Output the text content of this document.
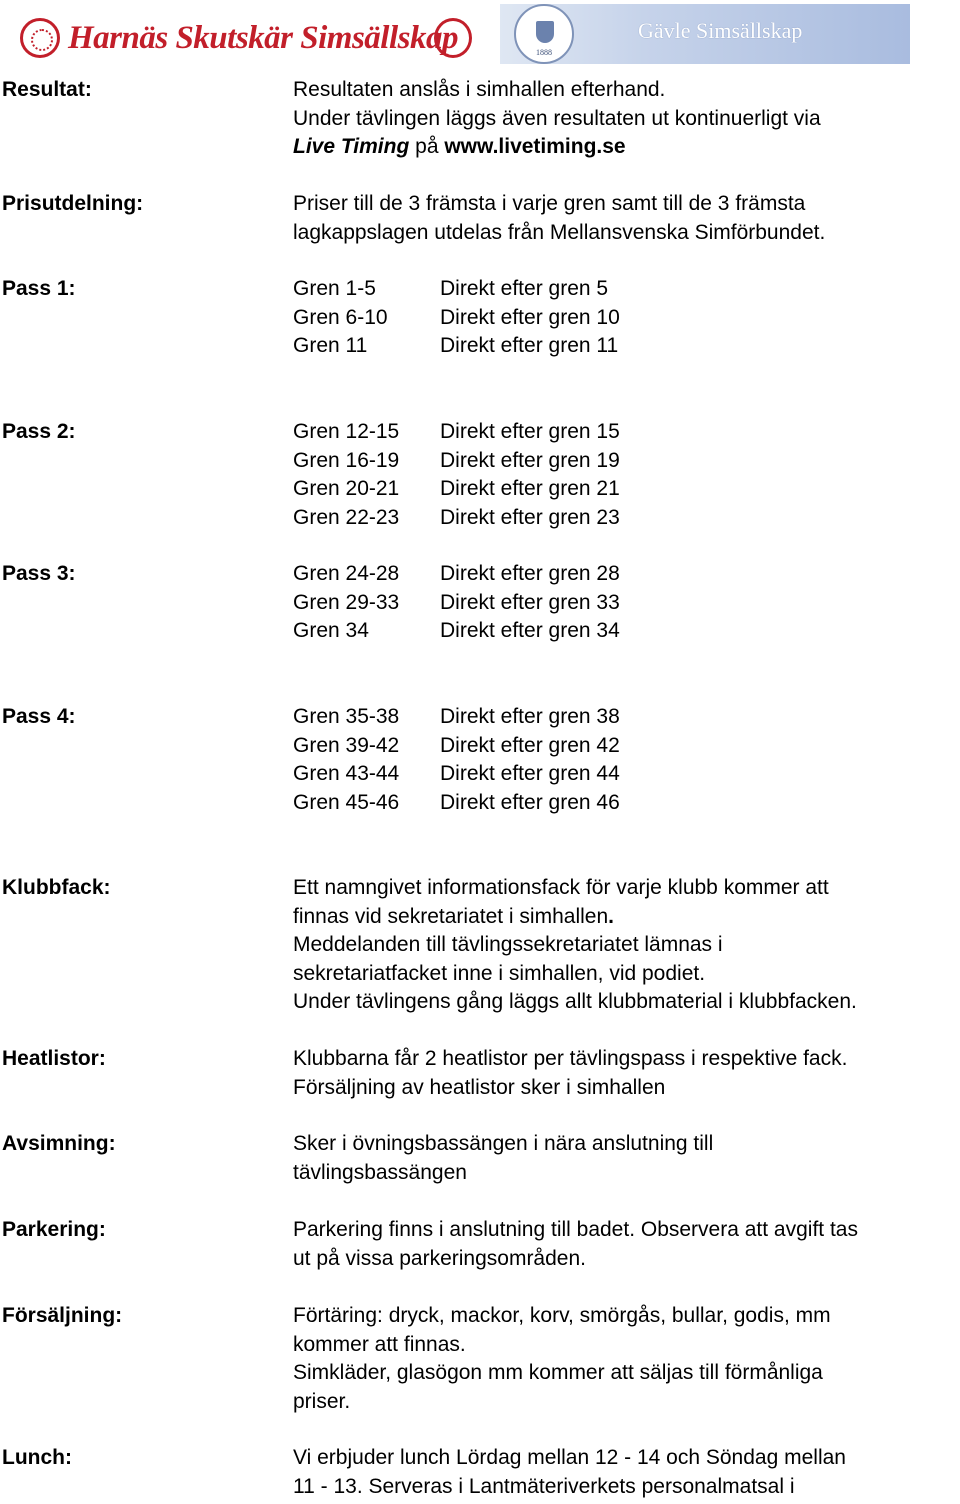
Harnäs Skutskär Simsällskap	1888
Gävle Simsällskap
Resultat:	Resultaten anslås i simhallen efterhand.
Under tävlingen läggs även resultaten ut kontinuerligt via
Live Timing på www.livetiming.se
Prisutdelning:	Priser till de 3 främsta i varje gren samt till de 3 främsta
lagkappslagen utdelas från Mellansvenska Simförbundet.
Pass 1:	Gren 1-5	Direkt efter gren 5
Gren 6-10 Direkt efter gren 10
Gren 11	Direkt efter gren 11
Pass 2:	Gren 12-15 Direkt efter gren 15
Gren 16-19 Direkt efter gren 19
Gren 20-21 Direkt efter gren 21
Gren 22-23 Direkt efter gren 23
Pass 3:	Gren 24-28 Direkt efter gren 28
Gren 29-33 Direkt efter gren 33
Gren 34	Direkt efter gren 34
Pass 4:	Gren 35-38 Direkt efter gren 38
Gren 39-42 Direkt efter gren 42
Gren 43-44 Direkt efter gren 44
Gren 45-46 Direkt efter gren 46
Klubbfack:	Ett namngivet informationsfack för varje klubb kommer att
finnas vid sekretariatet i simhallen.
Meddelanden till tävlingssekretariatet lämnas i
sekretariatfacket inne i simhallen, vid podiet.
Under tävlingens gång läggs allt klubbmaterial i klubbfacken.
Heatlistor:	Klubbarna får 2 heatlistor per tävlingspass i respektive fack.
Försäljning av heatlistor sker i simhallen
Avsimning:	Sker i övningsbassängen i nära anslutning till
tävlingsbassängen
Parkering:	Parkering finns i anslutning till badet. Observera att avgift tas
ut på vissa parkeringsområden.
Försäljning:	Förtäring: dryck, mackor, korv, smörgås, bullar, godis, mm
kommer att finnas.
Simkläder, glasögon mm kommer att säljas till förmånliga
priser.
Lunch:	Vi erbjuder lunch Lördag mellan 12 - 14 och Söndag mellan
11 - 13. Serveras i Lantmäteriverkets personalmatsal i
